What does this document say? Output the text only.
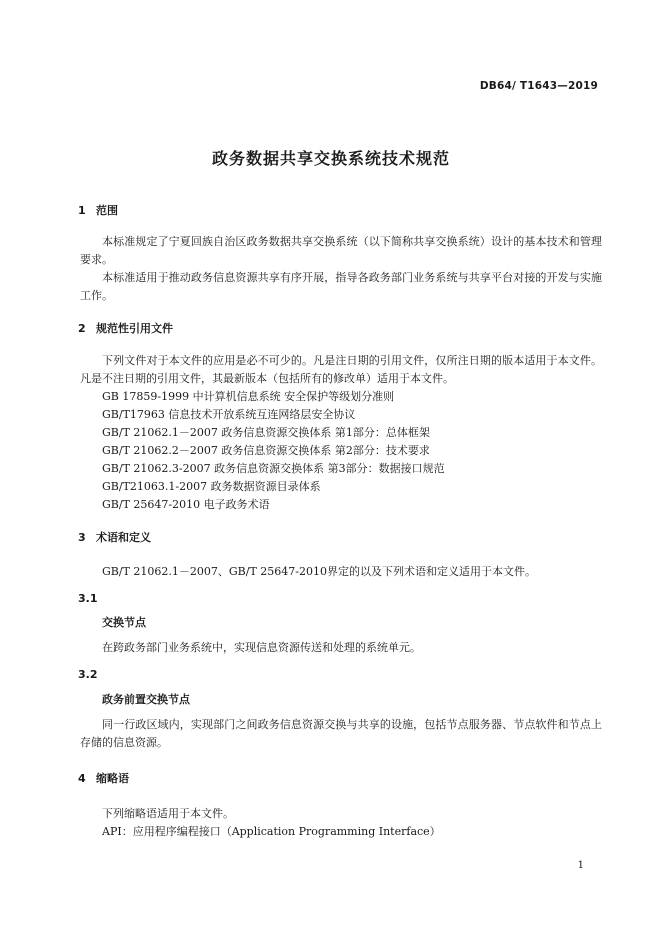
DB64/ T1643—2019
政务数据共享交换系统技术规范
1 范围
本标准规定了宁夏回族自治区政务数据共享交换系统（以下简称共享交换系统）设计的基本技术和管理要求。
本标准适用于推动政务信息资源共享有序开展，指导各政务部门业务系统与共享平台对接的开发与实施工作。
2 规范性引用文件
下列文件对于本文件的应用是必不可少的。凡是注日期的引用文件，仅所注日期的版本适用于本文件。凡是不注日期的引用文件，其最新版本（包括所有的修改单）适用于本文件。
GB 17859-1999 中计算机信息系统 安全保护等级划分准则
GB/T17963 信息技术开放系统互连网络层安全协议
GB/T 21062.1－2007 政务信息资源交换体系 第1部分：总体框架
GB/T 21062.2－2007 政务信息资源交换体系 第2部分：技术要求
GB/T 21062.3-2007 政务信息资源交换体系 第3部分：数据接口规范
GB/T21063.1-2007 政务数据资源目录体系
GB/T 25647-2010 电子政务术语
3 术语和定义
GB/T 21062.1－2007、GB/T 25647-2010界定的以及下列术语和定义适用于本文件。
3.1
交换节点
在跨政务部门业务系统中，实现信息资源传送和处理的系统单元。
3.2
政务前置交换节点
同一行政区域内，实现部门之间政务信息资源交换与共享的设施，包括节点服务器、节点软件和节点上存储的信息资源。
4 缩略语
下列缩略语适用于本文件。
API：应用程序编程接口（Application Programming Interface）
1
